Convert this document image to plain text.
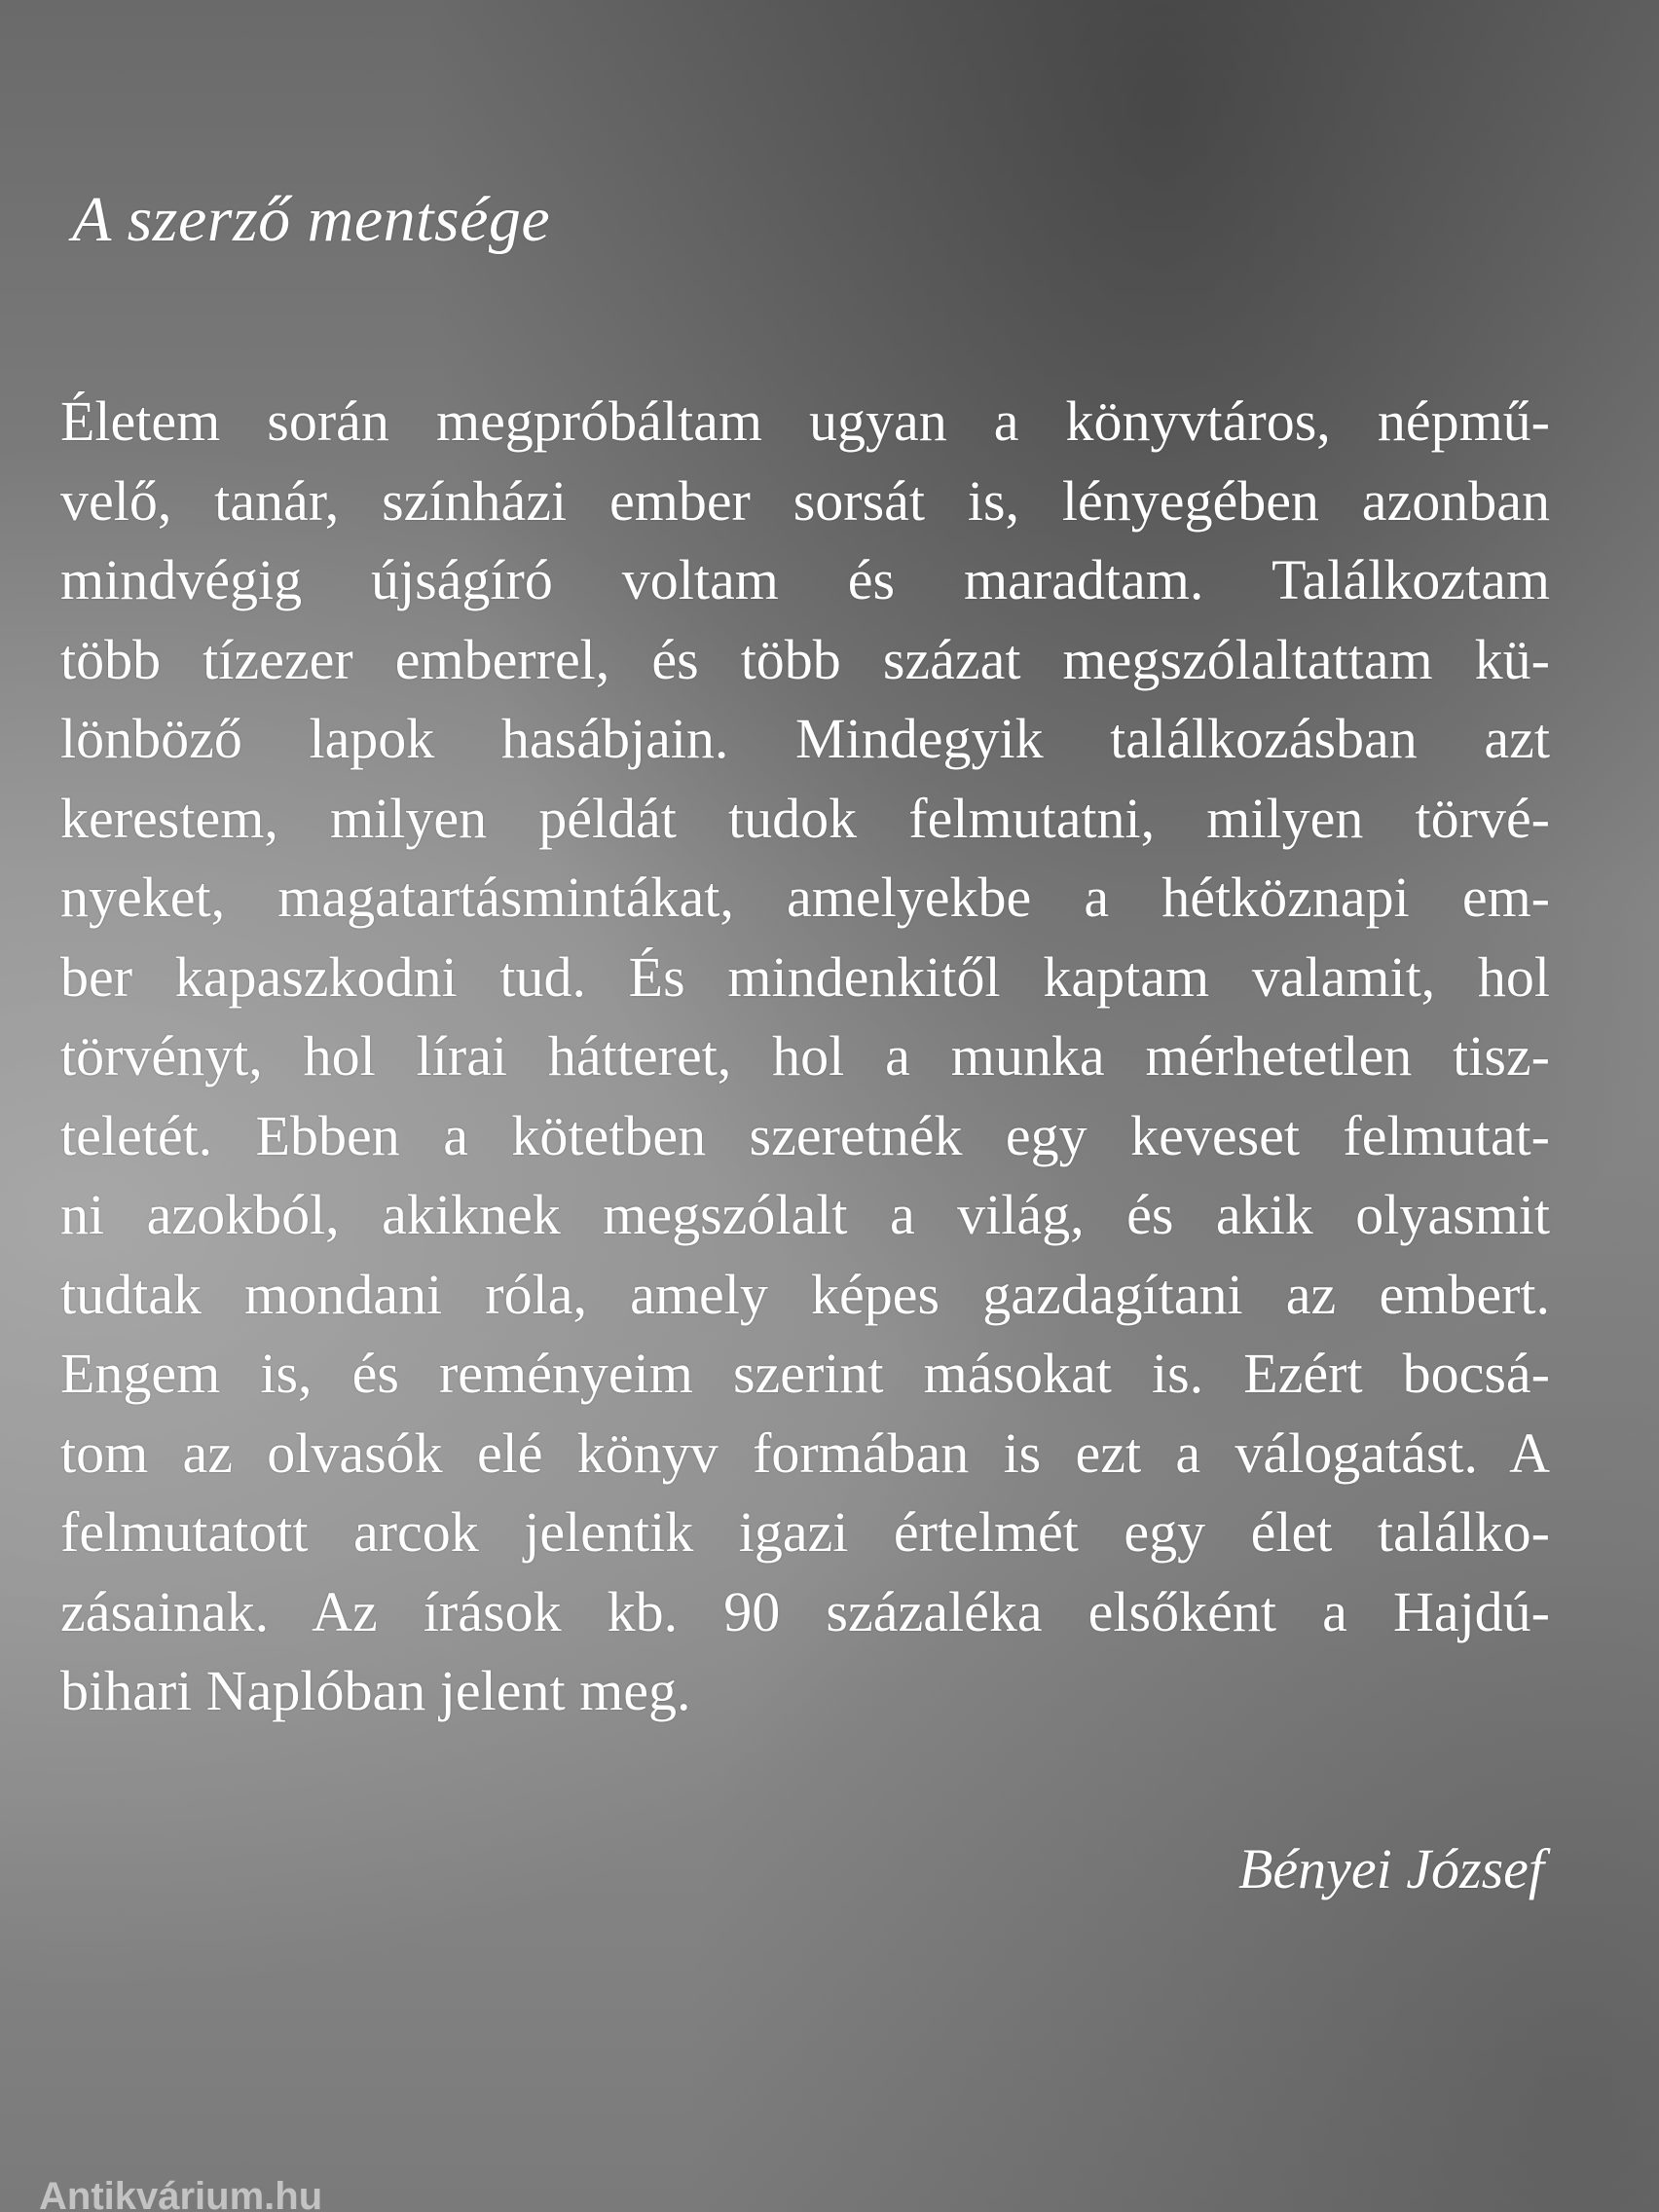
A szerző mentsége
Életem során megpróbáltam ugyan a könyvtáros, népmű-
velő, tanár, színházi ember sorsát is, lényegében azonban
mindvégig újságíró voltam és maradtam. Találkoztam
több tízezer emberrel, és több százat megszólaltattam kü-
lönböző lapok hasábjain. Mindegyik találkozásban azt
kerestem, milyen példát tudok felmutatni, milyen törvé-
nyeket, magatartásmintákat, amelyekbe a hétköznapi em-
ber kapaszkodni tud. És mindenkitől kaptam valamit, hol
törvényt, hol lírai hátteret, hol a munka mérhetetlen tisz-
teletét. Ebben a kötetben szeretnék egy keveset felmutat-
ni azokból, akiknek megszólalt a világ, és akik olyasmit
tudtak mondani róla, amely képes gazdagítani az embert.
Engem is, és reményeim szerint másokat is. Ezért bocsá-
tom az olvasók elé könyv formában is ezt a válogatást. A
felmutatott arcok jelentik igazi értelmét egy élet találko-
zásainak. Az írások kb. 90 százaléka elsőként a Hajdú-
bihari Naplóban jelent meg.
Bényei József
Antikvárium.hu
